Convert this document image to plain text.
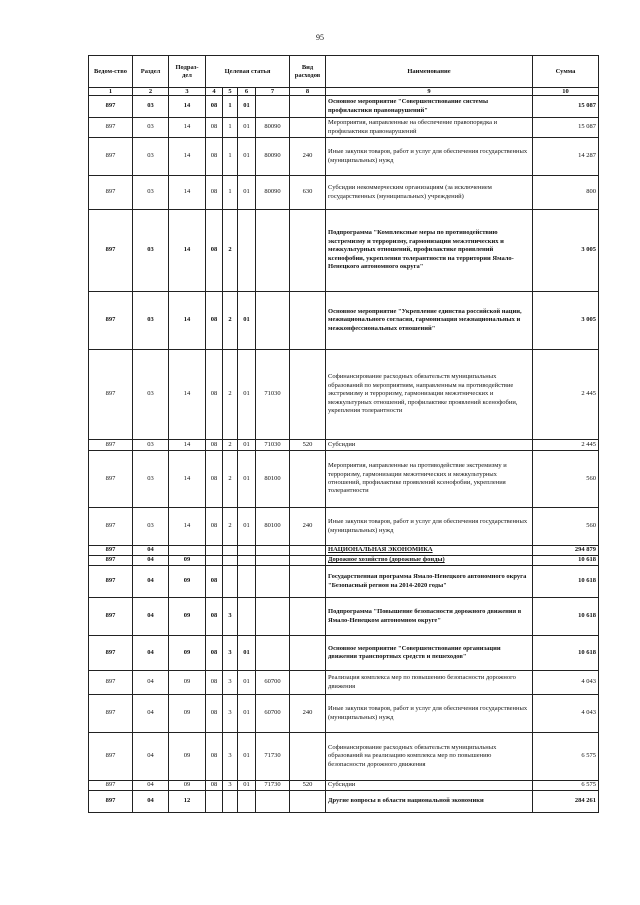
95
Ведом-ство	Раздел	Подраз-дел	Целевая статья				Вид расходов	Наименование	Сумма
1	2	3	4	5	6	7	8	9	10
897	03	14	08	1	01			Основное мероприятие "Совершенствование системы профилактики правонарушений"	15 087
897	03	14	08	1	01	80090		Мероприятия, направленные на обеспечение правопорядка и профилактики правонарушений	15 087
897	03	14	08	1	01	80090	240	Иные закупки товаров, работ и услуг для обеспечения государственных (муниципальных) нужд	14 287
897	03	14	08	1	01	80090	630	Субсидии некоммерческим организациям (за исключением государственных (муниципальных) учреждений)	800
897	03	14	08	2				Подпрограмма "Комплексные меры по противодействию экстремизму и терроризму, гармонизации межэтнических и межкультурных отношений, профилактике проявлений ксенофобии, укрепления толерантности на территории Ямало-Ненецкого автономного округа"	3 005
897	03	14	08	2	01			Основное мероприятие "Укрепление единства российской нации, межнационального согласия, гармонизация межнациональных и межконфессиональных отношений"	3 005
897	03	14	08	2	01	71030		Софинансирование расходных обязательств муниципальных образований по мероприятиям, направленным на противодействие экстремизму и терроризму, гармонизации межэтнических и межкультурных отношений, профилактике проявлений ксенофобии, укрепления толерантности	2 445
897	03	14	08	2	01	71030	520	Субсидии	2 445
897	03	14	08	2	01	80100		Мероприятия, направленные на противодействие экстремизму и терроризму, гармонизации межэтнических и межкультурных отношений, профилактике проявлений ксенофобии, укрепления толерантности	560
897	03	14	08	2	01	80100	240	Иные закупки товаров, работ и услуг для обеспечения государственных (муниципальных) нужд	560
897	04							НАЦИОНАЛЬНАЯ ЭКОНОМИКА	294 879
897	04	09						Дорожное хозяйство (дорожные фонды)	10 618
897	04	09	08					Государственная программа Ямало-Ненецкого автономного округа "Безопасный регион на 2014-2020 годы"	10 618
897	04	09	08	3				Подпрограмма "Повышение безопасности дорожного движения в Ямало-Ненецком автономном округе"	10 618
897	04	09	08	3	01			Основное мероприятие "Совершенствование организации движения транспортных средств и пешеходов"	10 618
897	04	09	08	3	01	60700		Реализация комплекса мер по повышению безопасности дорожного движения	4 043
897	04	09	08	3	01	60700	240	Иные закупки товаров, работ и услуг для обеспечения государственных (муниципальных) нужд	4 043
897	04	09	08	3	01	71730		Софинансирование расходных обязательств муниципальных образований на реализацию комплекса мер по повышению безопасности дорожного движения	6 575
897	04	09	08	3	01	71730	520	Субсидии	6 575
897	04	12						Другие вопросы в области национальной экономики	284 261
